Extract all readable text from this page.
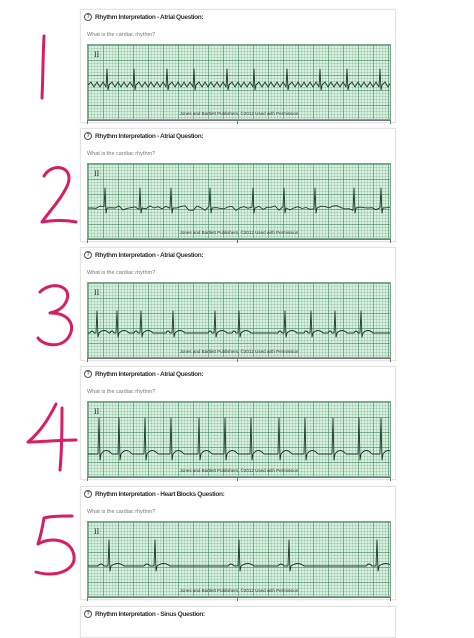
? Rhythm Interpretation - Atrial Question:
What is the cardiac rhythm?
II
Jones and Bartlett Publishers, ©2012 Used with Permission
? Rhythm Interpretation - Atrial Question:
What is the cardiac rhythm?
II
Jones and Bartlett Publishers, ©2012 Used with Permission
? Rhythm Interpretation - Atrial Question:
What is the cardiac rhythm?
II
Jones and Bartlett Publishers, ©2012 Used with Permission
? Rhythm Interpretation - Atrial Question:
What is the cardiac rhythm?
II
Jones and Bartlett Publishers, ©2012 Used with Permission
? Rhythm Interpretation - Heart Blocks Question:
What is the cardiac rhythm?
II
Jones and Bartlett Publishers, ©2012 Used with Permission
? Rhythm Interpretation - Sinus Question:
